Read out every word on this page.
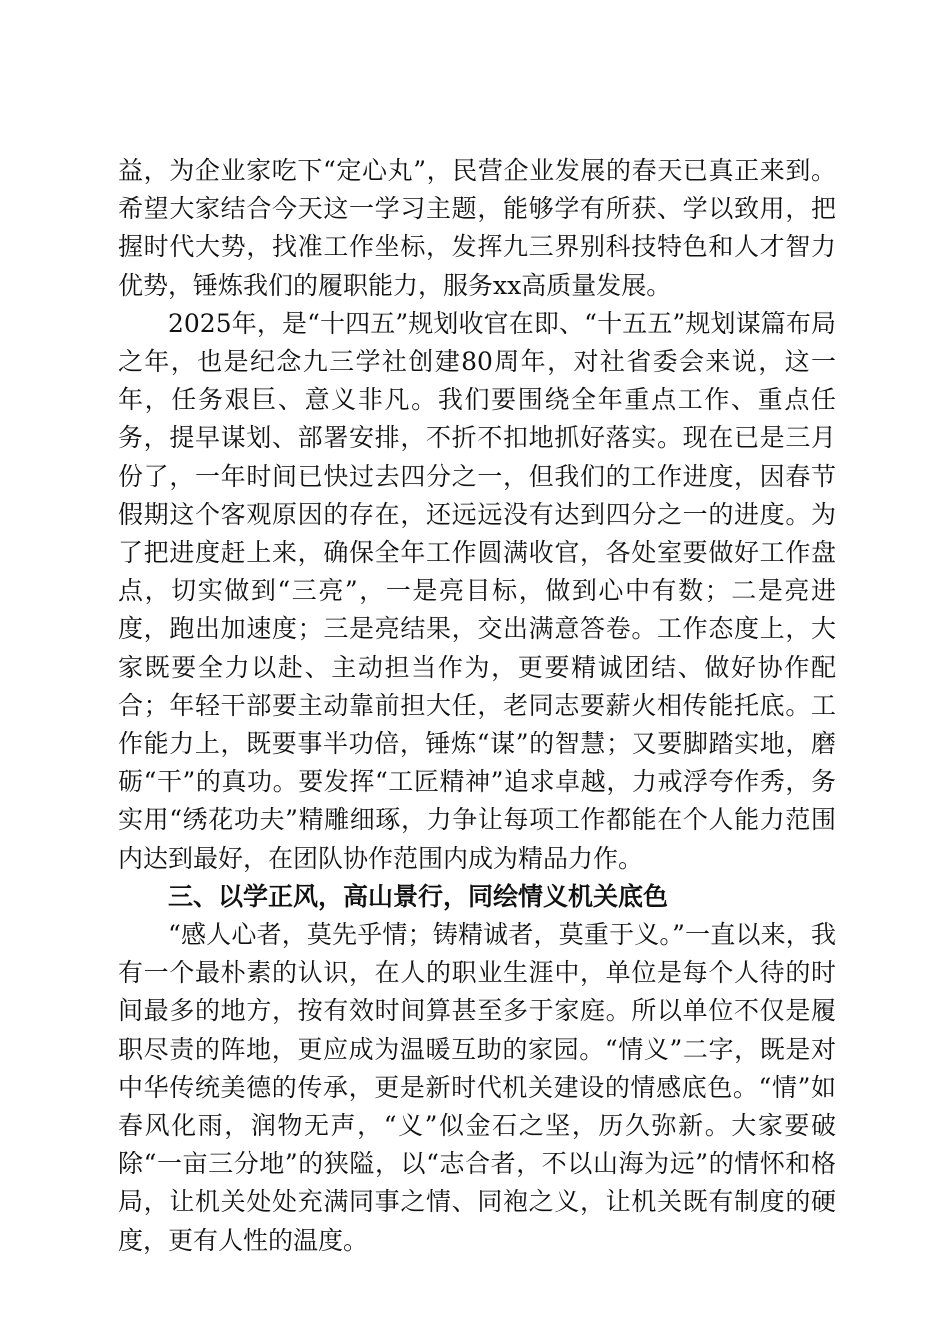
益，为企业家吃下“定心丸”，民营企业发展的春天已真正来到。希望大家结合今天这一学习主题，能够学有所获、学以致用，把握时代大势，找准工作坐标，发挥九三界别科技特色和人才智力优势，锤炼我们的履职能力，服务xx高质量发展。

2025年，是“十四五”规划收官在即、“十五五”规划谋篇布局之年，也是纪念九三学社创建80周年，对社省委会来说，这一年，任务艰巨、意义非凡。我们要围绕全年重点工作、重点任务，提早谋划、部署安排，不折不扣地抓好落实。现在已是三月份了，一年时间已快过去四分之一，但我们的工作进度，因春节假期这个客观原因的存在，还远远没有达到四分之一的进度。为了把进度赶上来，确保全年工作圆满收官，各处室要做好工作盘点，切实做到“三亮”，一是亮目标，做到心中有数；二是亮进度，跑出加速度；三是亮结果，交出满意答卷。工作态度上，大家既要全力以赴、主动担当作为，更要精诚团结、做好协作配合；年轻干部要主动靠前担大任，老同志要薪火相传能托底。工作能力上，既要事半功倍，锤炼“谋”的智慧；又要脚踏实地，磨砺“干”的真功。要发挥“工匠精神”追求卓越，力戒浮夸作秀，务实用“绣花功夫”精雕细琢，力争让每项工作都能在个人能力范围内达到最好，在团队协作范围内成为精品力作。

三、以学正风，高山景行，同绘情义机关底色

“感人心者，莫先乎情；铸精诚者，莫重于义。”一直以来，我有一个最朴素的认识，在人的职业生涯中，单位是每个人待的时间最多的地方，按有效时间算甚至多于家庭。所以单位不仅是履职尽责的阵地，更应成为温暖互助的家园。“情义”二字，既是对中华传统美德的传承，更是新时代机关建设的情感底色。“情”如春风化雨，润物无声，“义”似金石之坚，历久弥新。大家要破除“一亩三分地”的狭隘，以“志合者，不以山海为远”的情怀和格局，让机关处处充满同事之情、同袍之义，让机关既有制度的硬度，更有人性的温度。
